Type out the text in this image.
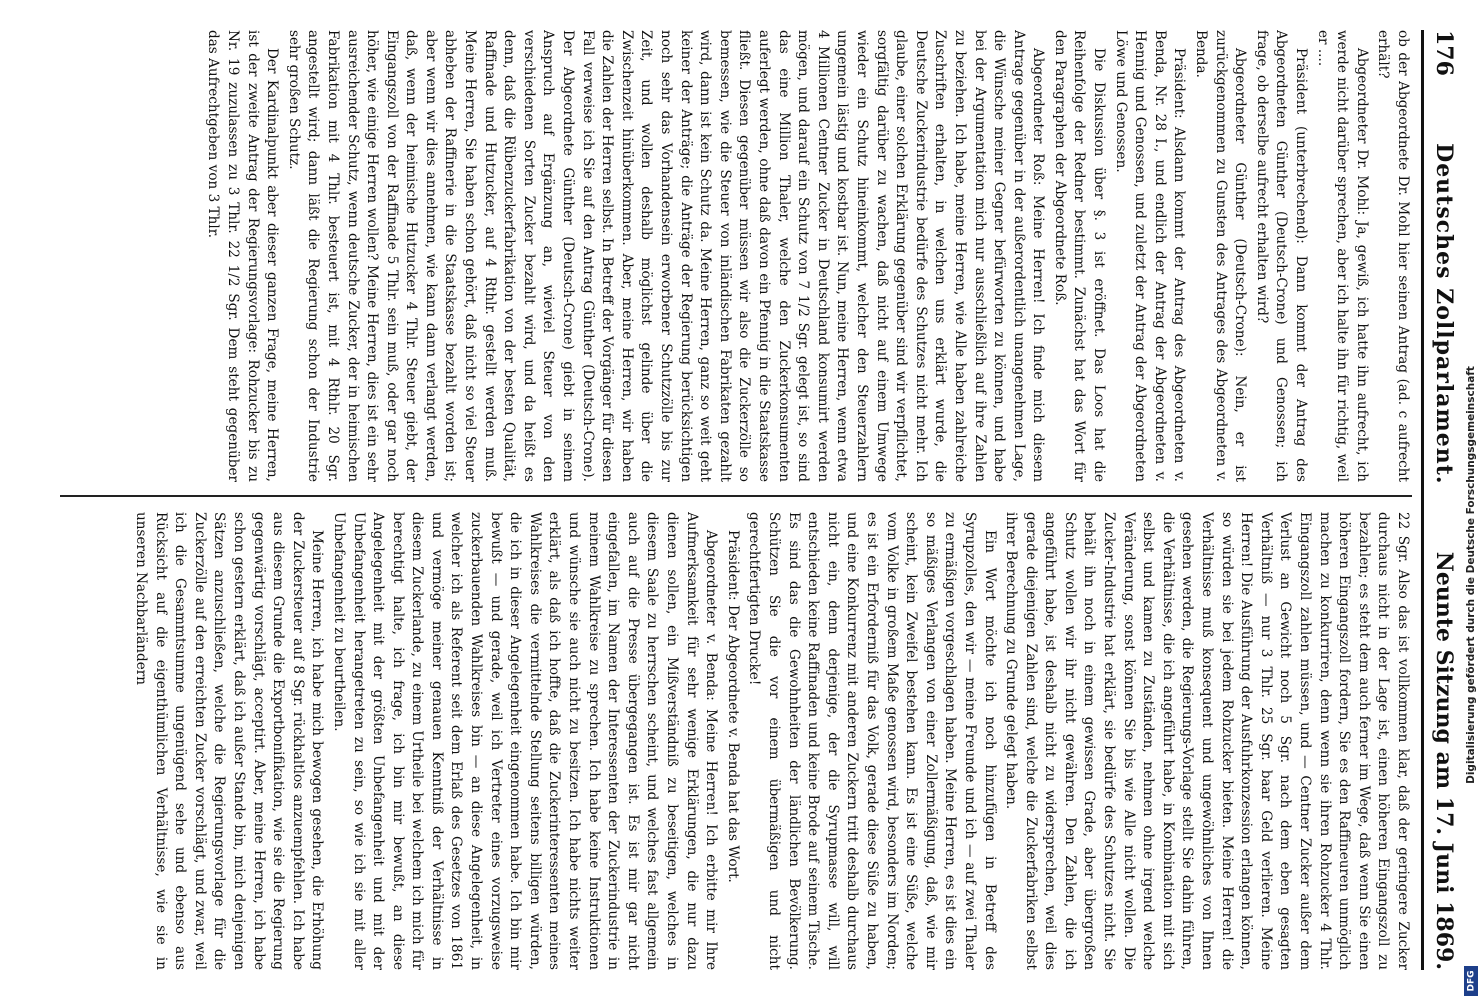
176
Deutsches Zollparlament.
Neunte Sitzung am 17. Juni 1869.

ob der Abgeordnete Dr. Mohl hier seinen Antrag (ad. c aufrecht erhält?

Abgeordneter Dr. Mohl: Ja, gewiß, ich hatte ihn aufrecht, ich werde nicht darüber sprechen, aber ich halte ihn für richtig, weil er ....

Präsident (unterbrechend): Dann kommt der Antrag des Abgeordneten Günther (Deutsch-Crone) und Genossen; ich frage, ob derselbe aufrecht erhalten wird?

Abgeordneter Günther (Deutsch-Crone): Nein, er ist zurückgenommen zu Gunsten des Antrages des Abgeordneten v. Benda.

Präsident: Alsdann kommt der Antrag des Abgeordneten v. Benda, Nr. 28 I., und endlich der Antrag der Abgeordneten v. Hennig und Genossen, und zuletzt der Antrag der Abgeordneten Löwe und Genossen.

Die Diskussion über §. 3 ist eröffnet. Das Loos hat die Reihenfolge der Redner bestimmt. Zunächst hat das Wort für den Paragraphen der Abgeordnete Roß.

Abgeordneter Roß: Meine Herren! Ich finde mich diesem Antrage gegenüber in der außerordentlich unangenehmen Lage, die Wünsche meiner Gegner befürworten zu können, und habe bei der Argumentation mich nur ausschließlich auf ihre Zahlen zu beziehen. Ich habe, meine Herren, wie Alle haben zahlreiche Zuschriften erhalten, in welchen uns erklärt wurde, die Deutsche Zuckerindustrie bedürfe des Schutzes nicht mehr. Ich glaube, einer solchen Erklärung gegenüber sind wir verpflichtet, sorgfältig darüber zu wachen, daß nicht auf einem Umwege wieder ein Schutz hineinkommt, welcher den Steuerzahlern ungemein lästig und kostbar ist. Nun, meine Herren, wenn etwa 4 Millionen Centner Zucker in Deutschland konsumirt werden mögen, und darauf ein Schutz von 7 1/2 Sgr. gelegt ist, so sind das eine Million Thaler, welche den Zuckerkonsumenten auferlegt werden, ohne daß davon ein Pfennig in die Staatskasse fließt. Diesen gegenüber müssen wir also die Zuckerzölle so bemessen, wie die Steuer von inländischen Fabrikaten gezahlt wird, dann ist kein Schutz da. Meine Herren, ganz so weit geht keiner der Anträge; die Anträge der Regierung berücksichtigen noch sehr das Vorhandensein erworbener Schutzzölle bis zur Zeit, und wollen deshalb möglichst gelinde über die Zwischenzeit hinüberkommen. Aber, meine Herren, wir haben die Zahlen der Herren selbst. In Betreff der Vorgänger für diesen Fall verweise ich Sie auf den Antrag Günther (Deutsch-Crone). Der Abgeordnete Günther (Deutsch-Crone) giebt in seinem Anspruch auf Ergänzung an, wieviel Steuer von den verschiedenen Sorten Zucker bezahlt wird, und da heißt es denn, daß die Rübenzuckerfabrikation von der besten Qualität, Raffinade und Hutzucker, auf 4 Rthlr. gestellt werden muß. Meine Herren, Sie haben schon gehört, daß nicht so viel Steuer abheben der Raffinerie in die Staatskasse bezahlt worden ist; aber wenn wir dies annehmen, wie kann dann verlangt werden, daß, wenn der heimische Hutzucker 4 Thlr. Steuer giebt, der Eingangszoll von der Raffinade 5 Thlr. sein muß, oder gar noch höher, wie einige Herren wollen? Meine Herren, dies ist ein sehr ausreichender Schutz, wenn deutsche Zucker, der in heimischen Fabrikation mit 4 Thlr. besteuert ist, mit 4 Rthlr. 20 Sgr. angestellt wird; dann läßt die Regierung schon der Industrie sehr großen Schutz.

Der Kardinalpunkt aber dieser ganzen Frage, meine Herren, ist der zweite Antrag der Regierungsvorlage: Rohzucker bis zu Nr. 19 zuzulassen zu 3 Thlr. 22 1/2 Sgr. Dem steht gegenüber das Aufrechtgeben von 3 Thlr.

22 Sgr. Also das ist vollkommen klar, daß der geringere Zucker durchaus nicht in der Lage ist, einen höheren Eingangszoll zu bezahlen; es steht dem auch ferner im Wege, daß wenn Sie einen höheren Eingangszoll fordern, Sie es den Raffineuren unmöglich machen zu konkurriren, denn wenn sie ihren Rohzucker 4 Thlr. Eingangszoll zahlen müssen, und — Centner Zucker außer dem Verlust an Gewicht noch 5 Sgr. nach dem eben gesagten Verhältniß — nur 3 Thlr. 25 Sgr. baar Geld verlieren. Meine Herren! Die Ausführung der Ausfuhrkonzession erlangen können, so würden sie bei jedem Rohzucker bieten. Meine Herren! die Verhältnisse muß konsequent und ungewöhnliches von Ihnen gesehen werden, die Regierungs-Vorlage stellt Sie dahin führen, die Verhältnisse, die ich angeführt habe, in Kombination mit sich selbst und kamen zu Zuständen, nehmen ohne irgend welche Veränderung, sonst können Sie bis wie Alle nicht wollen. Die Zucker-Industrie hat erklärt, sie bedürfe des Schutzes nicht. Sie behält ihn noch in einem gewissen Grade, aber übergroßen Schutz wollen wir ihr nicht gewähren. Den Zahlen, die ich angeführt habe, ist deshalb nicht zu widersprechen, weil dies gerade diejenigen Zahlen sind, welche die Zuckerfabriken selbst ihrer Berechnung zu Grunde gelegt haben.

Ein Wort möchte ich noch hinzufügen in Betreff des Syrupzolles, den wir — meine Freunde und ich — auf zwei Thaler zu ermäßigen vorgeschlagen haben. Meine Herren, es ist dies ein so mäßiges Verlangen von einer Zollermäßigung, daß, wie mir scheint, kein Zweifel bestehen kann. Es ist eine Süße, welche vom Volke in großem Maße genossen wird, besonders im Norden; es ist ein Erforderniß für das Volk, gerade diese Süße zu haben, und eine Konkurrenz mit anderen Zuckern tritt deshalb durchaus nicht ein, denn derjenige, der die Syrupmasse will, will entschieden keine Raffinaden und keine Brode auf seinem Tische. Es sind das die Gewohnheiten der ländlichen Bevölkerung. Schützen Sie die vor einem übermäßigen und nicht gerechtfertigten Drucke!

Präsident: Der Abgeordnete v. Benda hat das Wort.

Abgeordneter v. Benda: Meine Herren! Ich erbitte mir Ihre Aufmerksamkeit für sehr wenige Erklärungen, die nur dazu dienen sollen, ein Mißverständniß zu beseitigen, welches in diesem Saale zu herrschen scheint, und welches fast allgemein auch auf die Presse übergegangen ist. Es ist mir gar nicht eingefallen, im Namen der Interessenten der Zuckerindustrie in meinem Wahlkreise zu sprechen. Ich habe keine Instruktionen und wünsche sie auch nicht zu besitzen. Ich habe nichts weiter erklärt, als daß ich hoffte, daß die Zuckerinteressenten meines Wahlkreises die vermittelnde Stellung seitens billigen würden, die ich in dieser Angelegenheit eingenommen habe. Ich bin mir bewußt — und gerade, weil ich Vertreter eines vorzugsweise zuckerbauenden Wahlkreises bin — an diese Angelegenheit, in welcher ich als Referent seit dem Erlaß des Gesetzes von 1861 und vermöge meiner genauen Kenntniß der Verhältnisse in diesem Zuckerlande, zu einem Urtheile bei welchem ich mich für berechtigt halte, ich frage, ich bin mir bewußt, an diese Angelegenheit mit der größten Unbefangenheit und mit der Unbefangenheit herangetreten zu sein, so wie ich sie mit aller Unbefangenheit zu beurtheilen.

Meine Herren, ich habe mich bewogen gesehen, die Erhöhung der Zuckersteuer auf 8 Sgr. rückhaltlos anzuempfehlen. Ich habe aus diesem Grunde die Exportbonifikation, wie sie die Regierung gegenwärtig vorschlägt, acceptirt. Aber, meine Herren, ich habe schon gestern erklärt, daß ich außer Stande bin, mich denjenigen Sätzen anzuschließen, welche die Regierungsvorlage für die Zuckerzölle auf den erreichten Zucker vorschlägt, und zwar, weil ich die Gesammtsumme ungenügend sehe und ebenso aus Rücksicht auf die eigenthümlichen Verhältnisse, wie sie in unseren Nachbarländern	Digitalisierung gefördert durch die Deutsche Forschungsgemeinschaft
DFG
